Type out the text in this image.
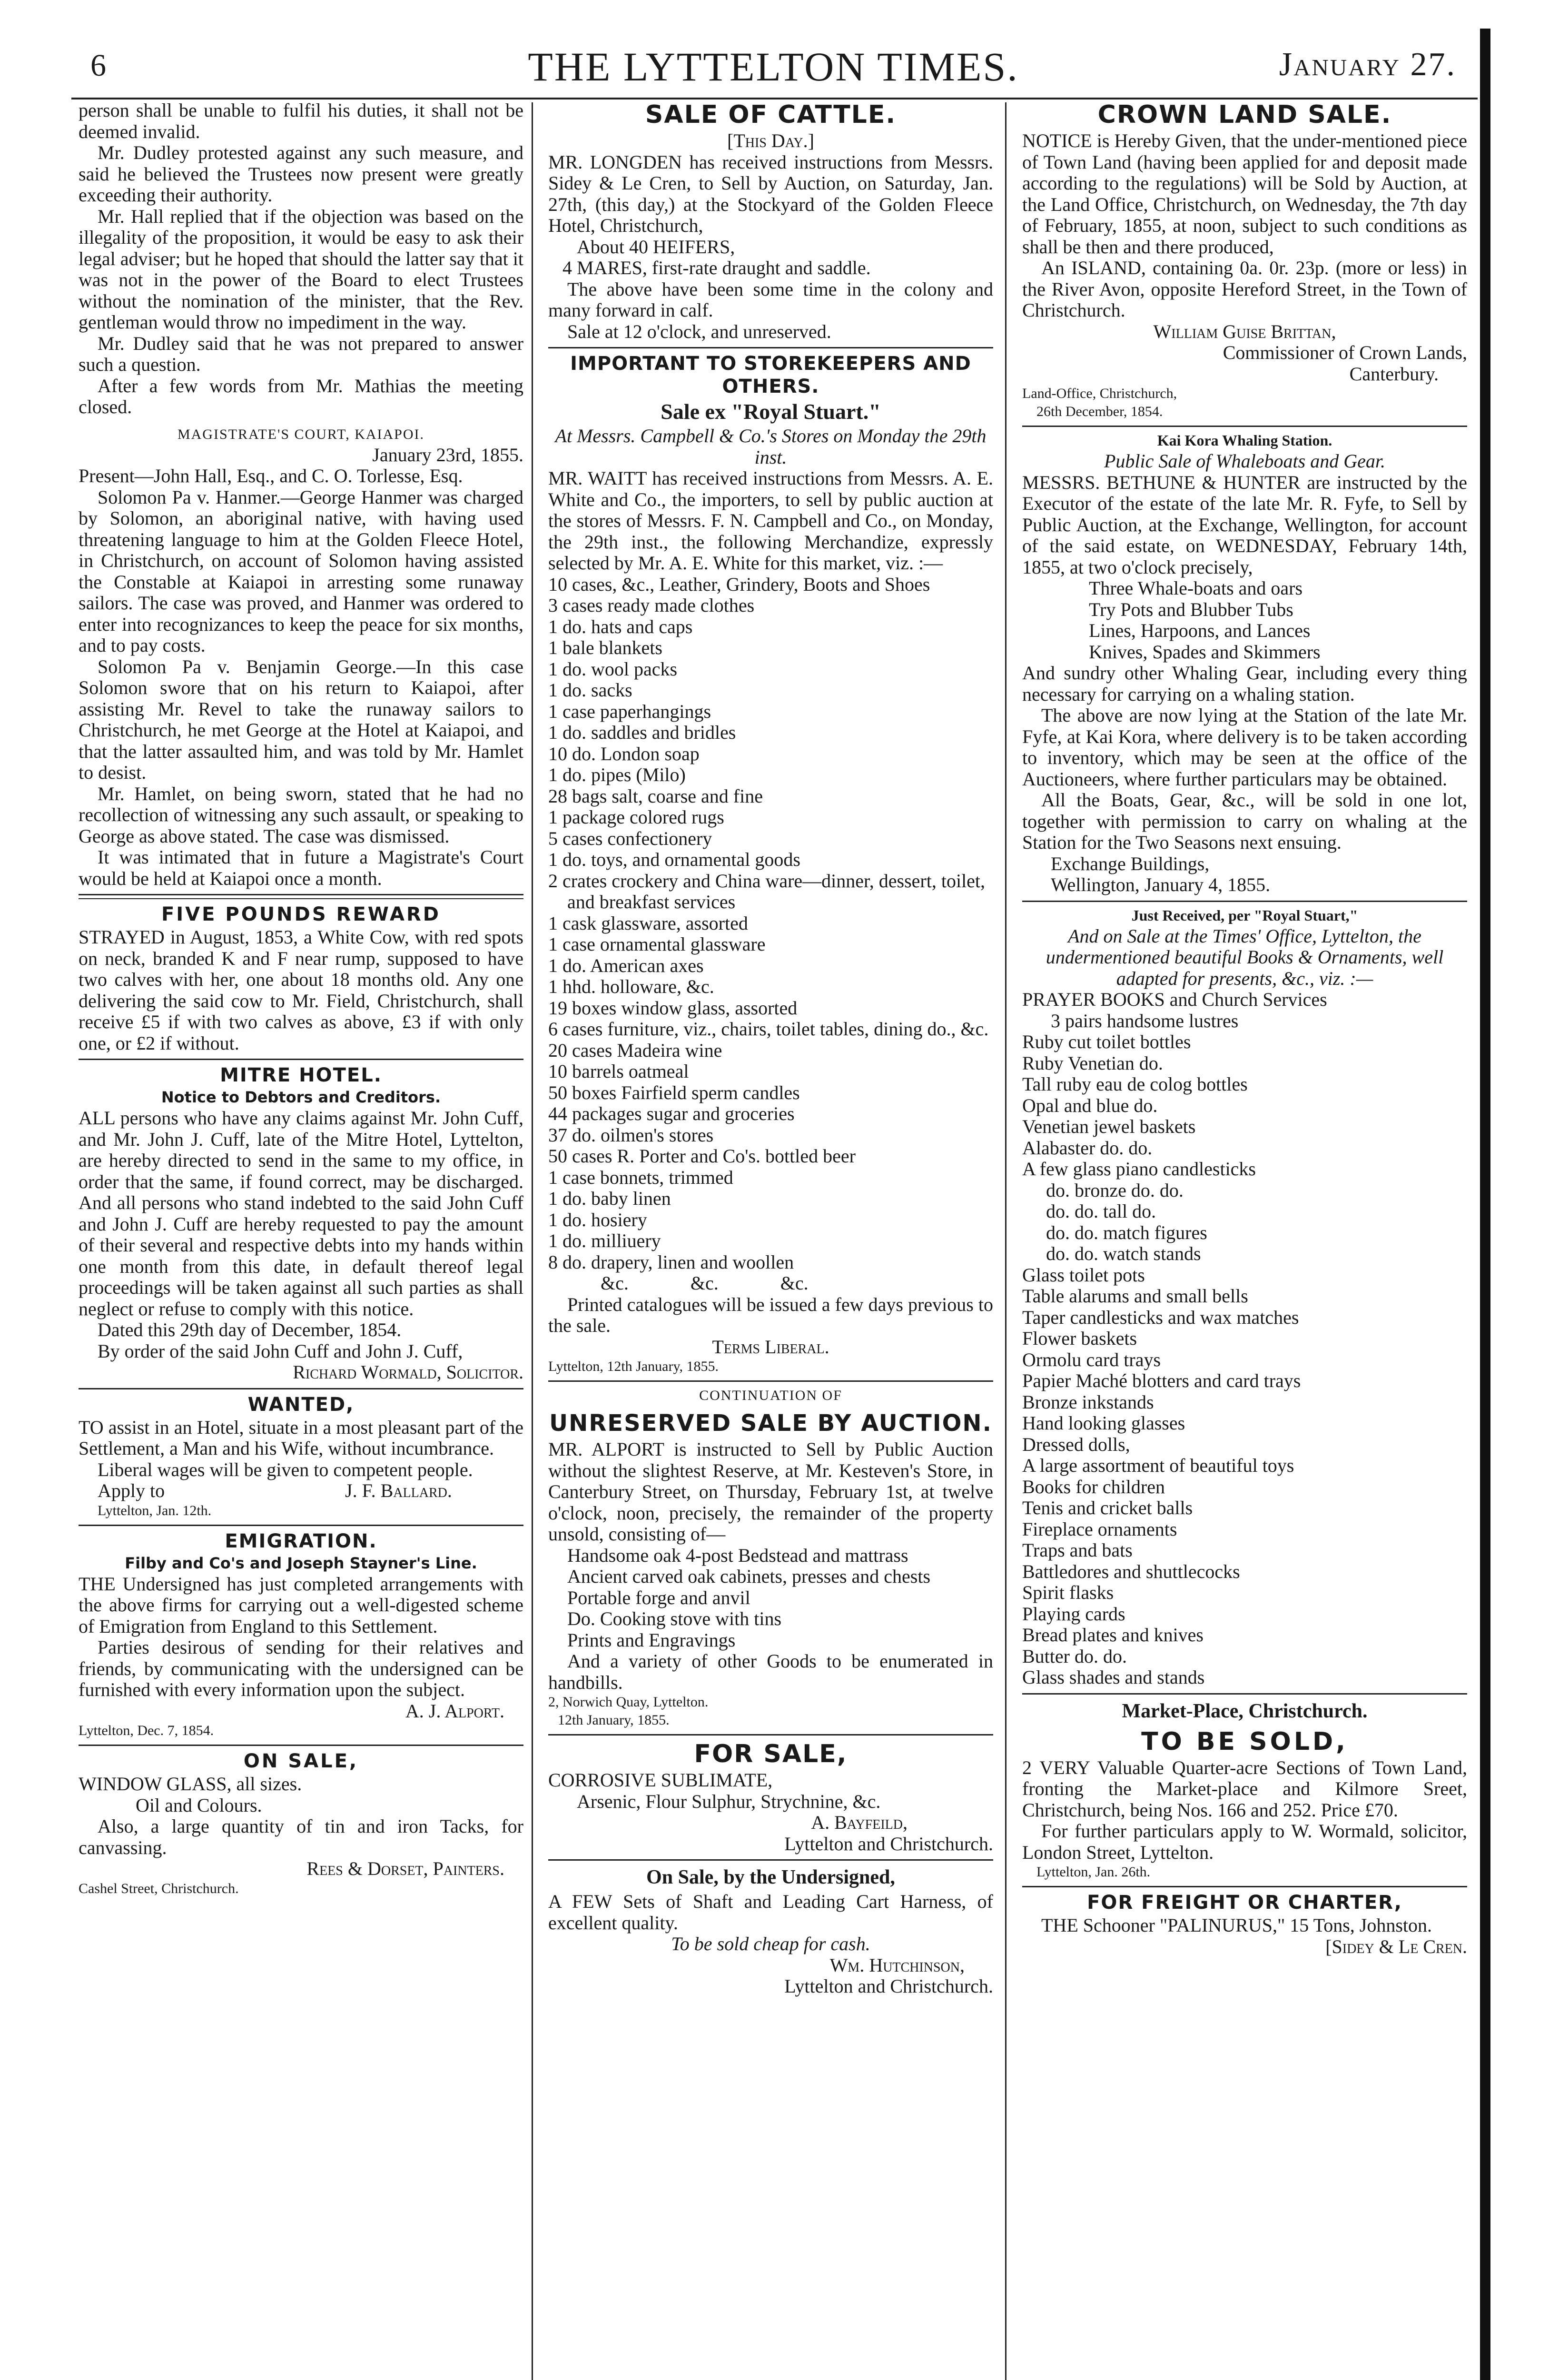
6	THE LYTTELTON TIMES.	January 27.

person shall be unable to fulfil his duties, it shall not be deemed invalid.

Mr. Dudley protested against any such measure, and said he believed the Trustees now present were greatly exceeding their authority.

Mr. Hall replied that if the objection was based on the illegality of the proposition, it would be easy to ask their legal adviser; but he hoped that should the latter say that it was not in the power of the Board to elect Trustees without the nomination of the minister, that the Rev. gentleman would throw no impediment in the way.

Mr. Dudley said that he was not prepared to answer such a question.

After a few words from Mr. Mathias the meeting closed.

MAGISTRATE'S COURT, KAIAPOI.

January 23rd, 1855.

Present—John Hall, Esq., and C. O. Torlesse, Esq.

Solomon Pa v. Hanmer.—George Hanmer was charged by Solomon, an aboriginal native, with having used threatening language to him at the Golden Fleece Hotel, in Christchurch, on account of Solomon having assisted the Constable at Kaiapoi in arresting some runaway sailors. The case was proved, and Hanmer was ordered to enter into recognizances to keep the peace for six months, and to pay costs.

Solomon Pa v. Benjamin George.—In this case Solomon swore that on his return to Kaiapoi, after assisting Mr. Revel to take the runaway sailors to Christchurch, he met George at the Hotel at Kaiapoi, and that the latter assaulted him, and was told by Mr. Hamlet to desist.

Mr. Hamlet, on being sworn, stated that he had no recollection of witnessing any such assault, or speaking to George as above stated. The case was dismissed.

It was intimated that in future a Magistrate's Court would be held at Kaiapoi once a month.

FIVE POUNDS REWARD

STRAYED in August, 1853, a White Cow, with red spots on neck, branded K and F near rump, supposed to have two calves with her, one about 18 months old. Any one delivering the said cow to Mr. Field, Christchurch, shall receive £5 if with two calves as above, £3 if with only one, or £2 if without.

MITRE HOTEL.
Notice to Debtors and Creditors.

ALL persons who have any claims against Mr. John Cuff, and Mr. John J. Cuff, late of the Mitre Hotel, Lyttelton, are hereby directed to send in the same to my office, in order that the same, if found correct, may be discharged. And all persons who stand indebted to the said John Cuff and John J. Cuff are hereby requested to pay the amount of their several and respective debts into my hands within one month from this date, in default thereof legal proceedings will be taken against all such parties as shall neglect or refuse to comply with this notice.

Dated this 29th day of December, 1854.

By order of the said John Cuff and John J. Cuff,

Richard Wormald, Solicitor.

WANTED,

TO assist in an Hotel, situate in a most pleasant part of the Settlement, a Man and his Wife, without incumbrance.

Liberal wages will be given to competent people.

Apply to	J. F. Ballard.

Lyttelton, Jan. 12th.

EMIGRATION.
Filby and Co's and Joseph Stayner's Line.

THE Undersigned has just completed arrangements with the above firms for carrying out a well-digested scheme of Emigration from England to this Settlement.

Parties desirous of sending for their relatives and friends, by communicating with the undersigned can be furnished with every information upon the subject.

A. J. Alport.

Lyttelton, Dec. 7, 1854.

ON SALE,

WINDOW GLASS, all sizes.

Oil and Colours.

Also, a large quantity of tin and iron Tacks, for canvassing.

Rees & Dorset, Painters.

Cashel Street, Christchurch.

SALE OF CATTLE.

[This Day.]

MR. LONGDEN has received instructions from Messrs. Sidey & Le Cren, to Sell by Auction, on Saturday, Jan. 27th, (this day,) at the Stockyard of the Golden Fleece Hotel, Christchurch,

About 40 HEIFERS,

4 MARES, first-rate draught and saddle.

The above have been some time in the colony and many forward in calf.

Sale at 12 o'clock, and unreserved.

IMPORTANT TO STOREKEEPERS AND OTHERS.
Sale ex "Royal Stuart."

At Messrs. Campbell & Co.'s Stores on Monday the 29th inst.

MR. WAITT has received instructions from Messrs. A. E. White and Co., the importers, to sell by public auction at the stores of Messrs. F. N. Campbell and Co., on Monday, the 29th inst., the following Merchandize, expressly selected by Mr. A. E. White for this market, viz. :—

10 cases, &c., Leather, Grindery, Boots and Shoes

3 cases ready made clothes

1 do. hats and caps

1 bale blankets

1 do. wool packs

1 do. sacks

1 case paperhangings

1 do. saddles and bridles

10 do. London soap

1 do. pipes (Milo)

28 bags salt, coarse and fine

1 package colored rugs

5 cases confectionery

1 do. toys, and ornamental goods

2 crates crockery and China ware—dinner, dessert, toilet, and breakfast services

1 cask glassware, assorted

1 case ornamental glassware

1 do. American axes

1 hhd. holloware, &c.

19 boxes window glass, assorted

6 cases furniture, viz., chairs, toilet tables, dining do., &c.

20 cases Madeira wine

10 barrels oatmeal

50 boxes Fairfield sperm candles

44 packages sugar and groceries

37 do. oilmen's stores

50 cases R. Porter and Co's. bottled beer

1 case bonnets, trimmed

1 do. baby linen

1 do. hosiery

1 do. milliuery

8 do. drapery, linen and woollen

&c. &c. &c.

Printed catalogues will be issued a few days previous to the sale.

Terms Liberal.

Lyttelton, 12th January, 1855.

CONTINUATION OF
UNRESERVED SALE BY AUCTION.

MR. ALPORT is instructed to Sell by Public Auction without the slightest Reserve, at Mr. Kesteven's Store, in Canterbury Street, on Thursday, February 1st, at twelve o'clock, noon, precisely, the remainder of the property unsold, consisting of—

Handsome oak 4-post Bedstead and mattrass

Ancient carved oak cabinets, presses and chests

Portable forge and anvil

Do. Cooking stove with tins

Prints and Engravings

And a variety of other Goods to be enumerated in handbills.

2, Norwich Quay, Lyttelton.

12th January, 1855.

FOR SALE,

CORROSIVE SUBLIMATE,

Arsenic, Flour Sulphur, Strychnine, &c.

A. Bayfeild,

Lyttelton and Christchurch.

On Sale, by the Undersigned,

A FEW Sets of Shaft and Leading Cart Harness, of excellent quality.

To be sold cheap for cash.

Wm. Hutchinson,

Lyttelton and Christchurch.

CROWN LAND SALE.

NOTICE is Hereby Given, that the under-mentioned piece of Town Land (having been applied for and deposit made according to the regulations) will be Sold by Auction, at the Land Office, Christchurch, on Wednesday, the 7th day of February, 1855, at noon, subject to such conditions as shall be then and there produced,

An ISLAND, containing 0a. 0r. 23p. (more or less) in the River Avon, opposite Hereford Street, in the Town of Christchurch.

William Guise Brittan,

Commissioner of Crown Lands,

Canterbury.

Land-Office, Christchurch,

26th December, 1854.

Kai Kora Whaling Station.

Public Sale of Whaleboats and Gear.

MESSRS. BETHUNE & HUNTER are instructed by the Executor of the estate of the late Mr. R. Fyfe, to Sell by Public Auction, at the Exchange, Wellington, for account of the said estate, on WEDNESDAY, February 14th, 1855, at two o'clock precisely,

Three Whale-boats and oars

Try Pots and Blubber Tubs

Lines, Harpoons, and Lances

Knives, Spades and Skimmers

And sundry other Whaling Gear, including every thing necessary for carrying on a whaling station.

The above are now lying at the Station of the late Mr. Fyfe, at Kai Kora, where delivery is to be taken according to inventory, which may be seen at the office of the Auctioneers, where further particulars may be obtained.

All the Boats, Gear, &c., will be sold in one lot, together with permission to carry on whaling at the Station for the Two Seasons next ensuing.

Exchange Buildings,

Wellington, January 4, 1855.

Just Received, per "Royal Stuart,"

And on Sale at the Times' Office, Lyttelton, the undermentioned beautiful Books & Ornaments, well adapted for presents, &c., viz. :—

PRAYER BOOKS and Church Services

3 pairs handsome lustres

Ruby cut toilet bottles

Ruby Venetian do.

Tall ruby eau de colog bottles

Opal and blue do.

Venetian jewel baskets

Alabaster do. do.

A few glass piano candlesticks

do. bronze do. do.

do. do. tall do.

do. do. match figures

do. do. watch stands

Glass toilet pots

Table alarums and small bells

Taper candlesticks and wax matches

Flower baskets

Ormolu card trays

Papier Maché blotters and card trays

Bronze inkstands

Hand looking glasses

Dressed dolls,

A large assortment of beautiful toys

Books for children

Tenis and cricket balls

Fireplace ornaments

Traps and bats

Battledores and shuttlecocks

Spirit flasks

Playing cards

Bread plates and knives

Butter do. do.

Glass shades and stands

Market-Place, Christchurch.
TO BE SOLD,

2 VERY Valuable Quarter-acre Sections of Town Land, fronting the Market-place and Kilmore Sreet, Christchurch, being Nos. 166 and 252. Price £70.

For further particulars apply to W. Wormald, solicitor, London Street, Lyttelton.

Lyttelton, Jan. 26th.

FOR FREIGHT OR CHARTER,

THE Schooner "PALINURUS," 15 Tons, Johnston.

[Sidey & Le Cren.
